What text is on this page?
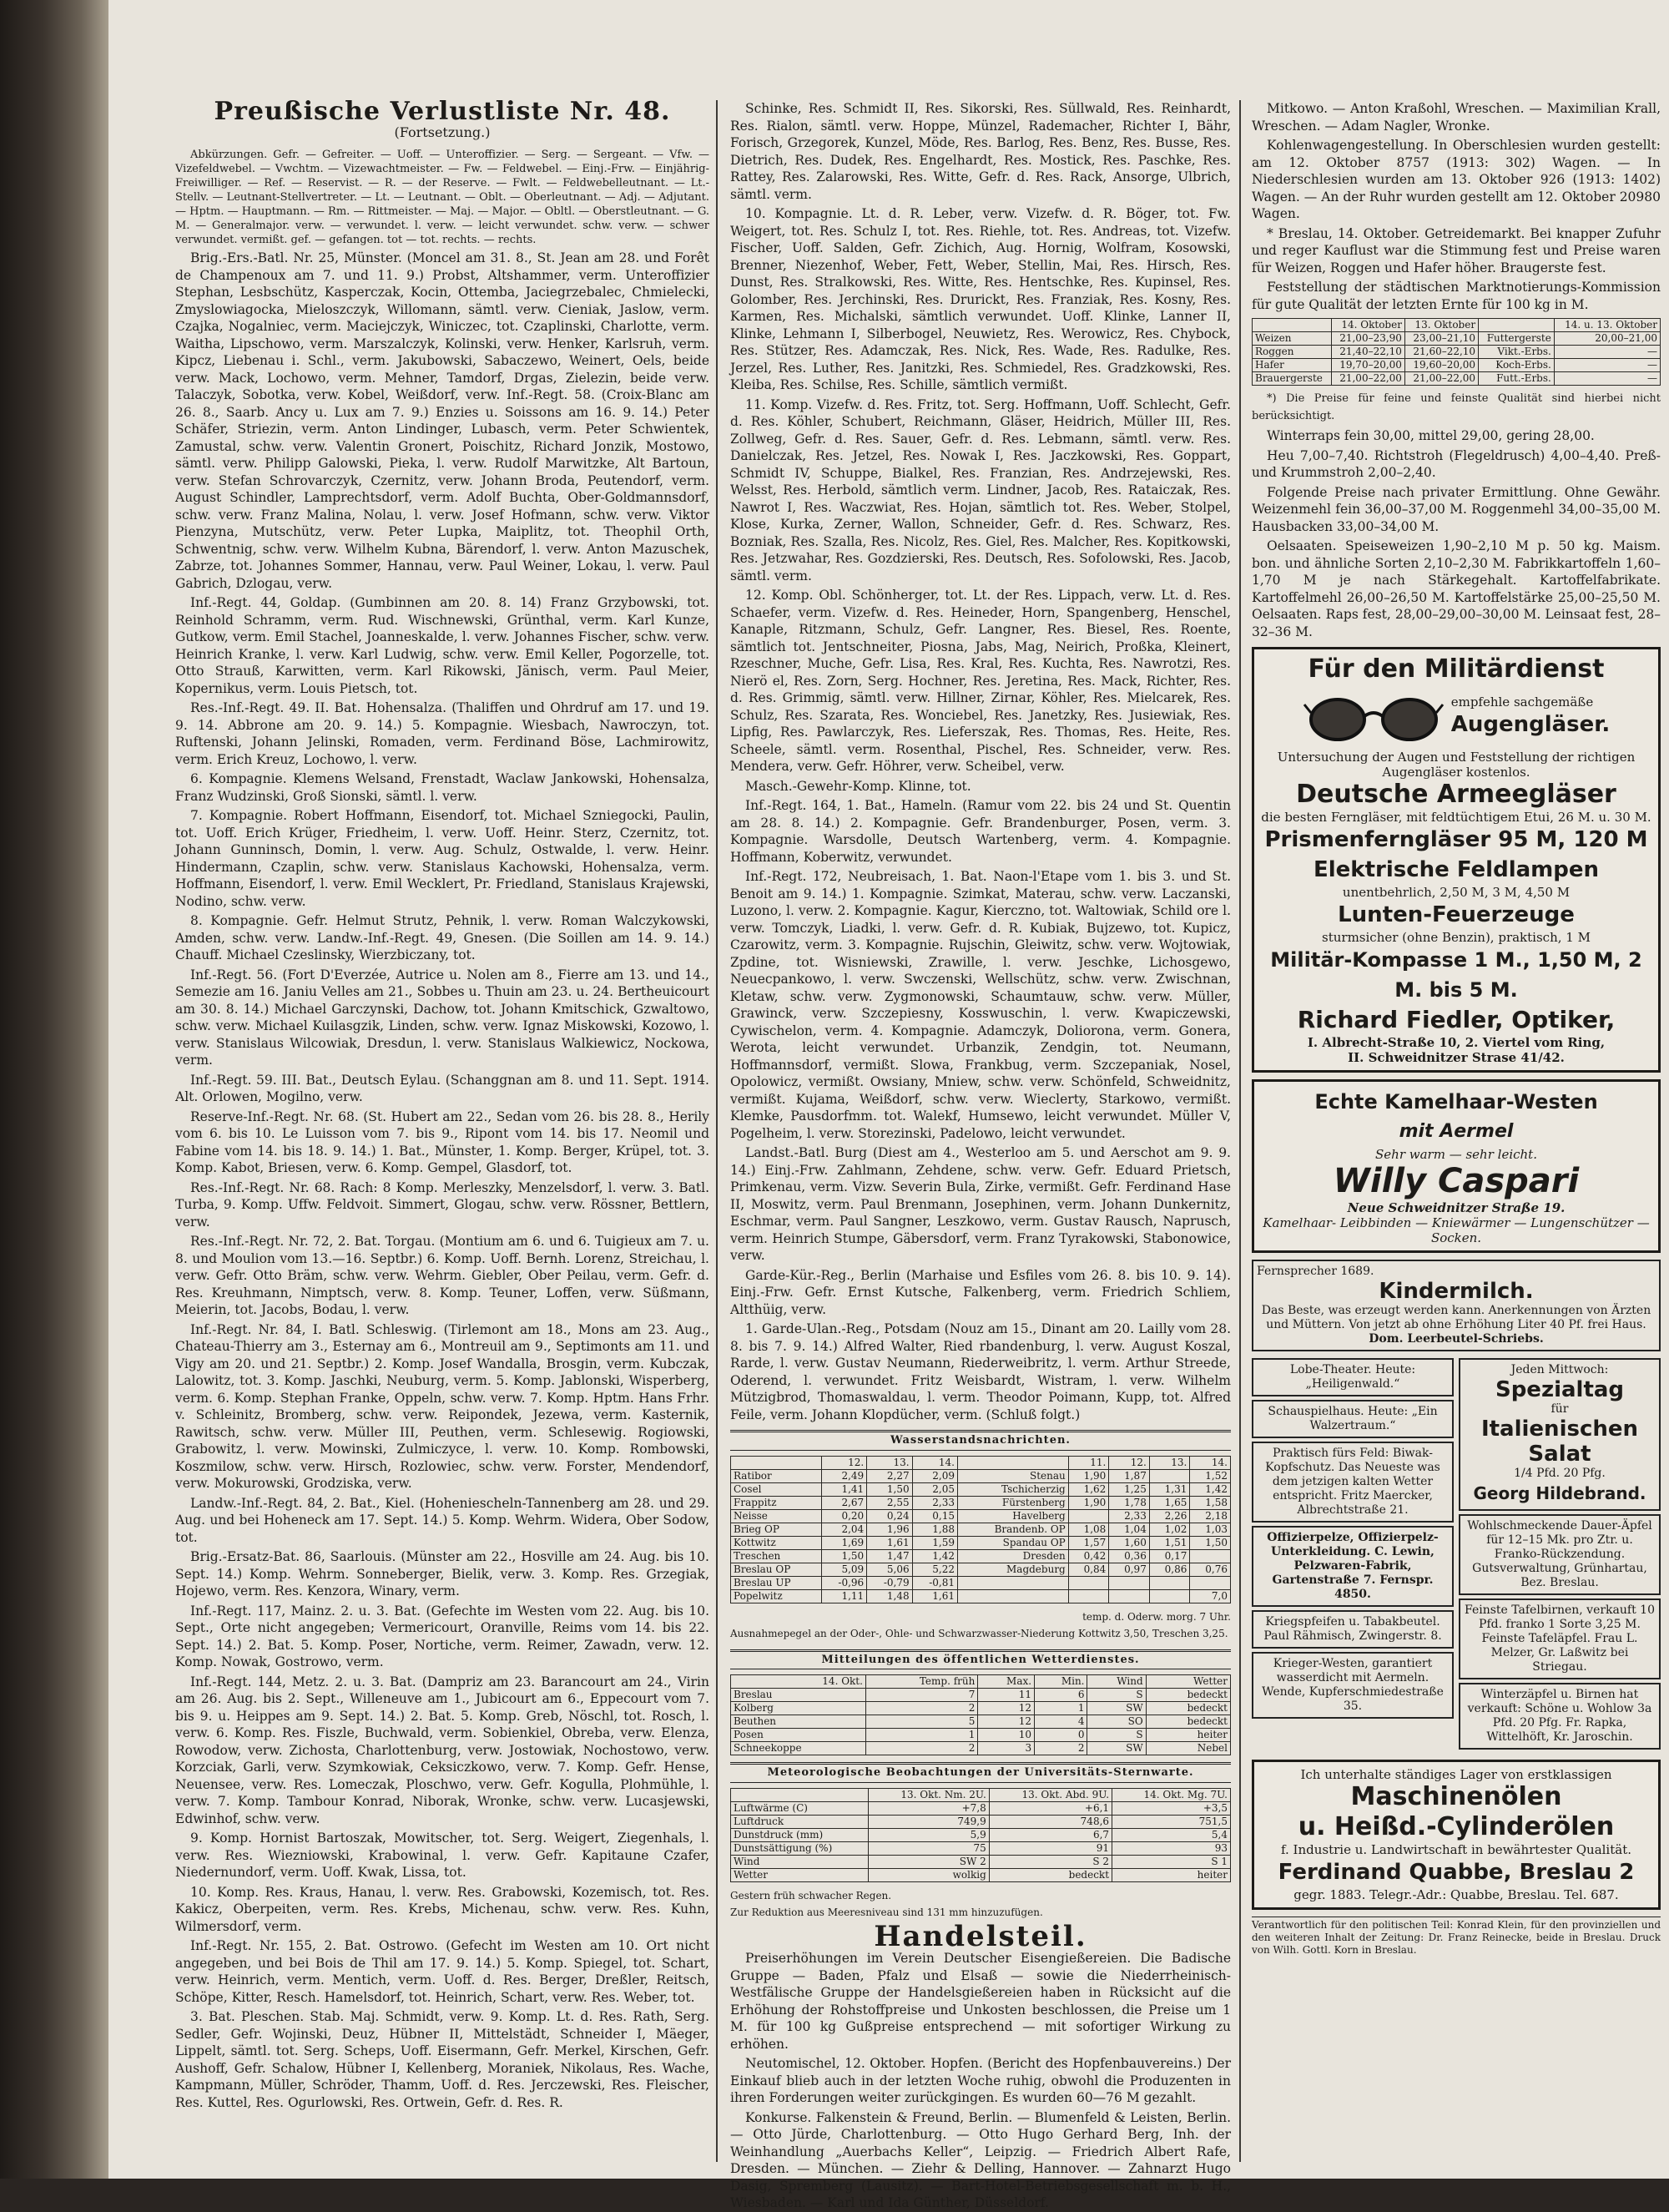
Preußische Verlustliste Nr. 48.
(Fortsetzung.)

Abkürzungen. Gefr. — Gefreiter. — Uoff. — Unteroffizier. — Serg. — Sergeant. — Vfw. — Vizefeldwebel. — Vwchtm. — Vizewachtmeister. — Fw. — Feldwebel. — Einj.-Frw. — Einjährig-Freiwilliger. — Ref. — Reservist. — R. — der Reserve. — Fwlt. — Feldwebelleutnant. — Lt.-Stellv. — Leutnant-Stellvertreter. — Lt. — Leutnant. — Oblt. — Oberleutnant. — Adj. — Adjutant. — Hptm. — Hauptmann. — Rm. — Rittmeister. — Maj. — Major. — Obltl. — Oberstleutnant. — G. M. — Generalmajor. verw. — verwundet. l. verw. — leicht verwundet. schw. verw. — schwer verwundet. vermißt. gef. — gefangen. tot — tot. rechts. — rechts.

Brig.-Ers.-Batl. Nr. 25, Münster. (Moncel am 31. 8., St. Jean am 28. und Forêt de Champenoux am 7. und 11. 9.) Probst, Altshammer, verm. Unteroffizier Stephan, Lesbschütz, Kasperczak, Kocin, Ottemba, Jaciegrzebalec, Chmielecki, Zmyslowiagocka, Mieloszczyk, Willomann, sämtl. verw. Cieniak, Jaslow, verm. Czajka, Nogalniec, verm. Maciejczyk, Winiczec, tot. Czaplinski, Charlotte, verm. Waitha, Lipschowo, verm. Marszalczyk, Kolinski, verw. Henker, Karlsruh, verm. Kipcz, Liebenau i. Schl., verm. Jakubowski, Sabaczewo, Weinert, Oels, beide verw. Mack, Lochowo, verm. Mehner, Tamdorf, Drgas, Zielezin, beide verw. Talaczyk, Sobotka, verw. Kobel, Weißdorf, verw. Inf.-Regt. 58. (Croix-Blanc am 26. 8., Saarb. Ancy u. Lux am 7. 9.) Enzies u. Soissons am 16. 9. 14.) Peter Schäfer, Striezin, verm. Anton Lindinger, Lubasch, verm. Peter Schwientek, Zamustal, schw. verw. Valentin Gronert, Poischitz, Richard Jonzik, Mostowo, sämtl. verw. Philipp Galowski, Pieka, l. verw. Rudolf Marwitzke, Alt Bartoun, verw. Stefan Schrovarczyk, Czernitz, verw. Johann Broda, Peutendorf, verm. August Schindler, Lamprechtsdorf, verm. Adolf Buchta, Ober-Goldmannsdorf, schw. verw. Franz Malina, Nolau, l. verw. Josef Hofmann, schw. verw. Viktor Pienzyna, Mutschütz, verw. Peter Lupka, Maiplitz, tot. Theophil Orth, Schwentnig, schw. verw. Wilhelm Kubna, Bärendorf, l. verw. Anton Mazuschek, Zabrze, tot. Johannes Sommer, Hannau, verw. Paul Weiner, Lokau, l. verw. Paul Gabrich, Dzlogau, verw.

Inf.-Regt. 44, Goldap. (Gumbinnen am 20. 8. 14) Franz Grzybowski, tot. Reinhold Schramm, verm. Rud. Wischnewski, Grünthal, verm. Karl Kunze, Gutkow, verm. Emil Stachel, Joanneskalde, l. verw. Johannes Fischer, schw. verw. Heinrich Kranke, l. verw. Karl Ludwig, schw. verw. Emil Keller, Pogorzelle, tot. Otto Strauß, Karwitten, verm. Karl Rikowski, Jänisch, verm. Paul Meier, Kopernikus, verm. Louis Pietsch, tot.

Res.-Inf.-Regt. 49. II. Bat. Hohensalza. (Thaliffen und Ohrdruf am 17. und 19. 9. 14. Abbrone am 20. 9. 14.) 5. Kompagnie. Wiesbach, Nawroczyn, tot. Ruftenski, Johann Jelinski, Romaden, verm. Ferdinand Böse, Lachmirowitz, verm. Erich Kreuz, Lochowo, l. verw.

6. Kompagnie. Klemens Welsand, Frenstadt, Waclaw Jankowski, Hohensalza, Franz Wudzinski, Groß Sionski, sämtl. l. verw.

7. Kompagnie. Robert Hoffmann, Eisendorf, tot. Michael Szniegocki, Paulin, tot. Uoff. Erich Krüger, Friedheim, l. verw. Uoff. Heinr. Sterz, Czernitz, tot. Johann Gunninsch, Domin, l. verw. Aug. Schulz, Ostwalde, l. verw. Heinr. Hindermann, Czaplin, schw. verw. Stanislaus Kachowski, Hohensalza, verm. Hoffmann, Eisendorf, l. verw. Emil Wecklert, Pr. Friedland, Stanislaus Krajewski, Nodino, schw. verw.

8. Kompagnie. Gefr. Helmut Strutz, Pehnik, l. verw. Roman Walczykowski, Amden, schw. verw. Landw.-Inf.-Regt. 49, Gnesen. (Die Soillen am 14. 9. 14.) Chauff. Michael Czeslinsky, Wierzbiczany, tot.

Inf.-Regt. 56. (Fort D'Everzée, Autrice u. Nolen am 8., Fierre am 13. und 14., Semezie am 16. Janiu Velles am 21., Sobbes u. Thuin am 23. u. 24. Bertheuicourt am 30. 8. 14.) Michael Garczynski, Dachow, tot. Johann Kmitschick, Gzwaltowo, schw. verw. Michael Kuilasgzik, Linden, schw. verw. Ignaz Miskowski, Kozowo, l. verw. Stanislaus Wilcowiak, Dresdun, l. verw. Stanislaus Walkiewicz, Nockowa, verm.

Inf.-Regt. 59. III. Bat., Deutsch Eylau. (Schanggnan am 8. und 11. Sept. 1914. Alt. Orlowen, Mogilno, verw.

Reserve-Inf.-Regt. Nr. 68. (St. Hubert am 22., Sedan vom 26. bis 28. 8., Herily vom 6. bis 10. Le Luisson vom 7. bis 9., Ripont vom 14. bis 17. Neomil und Fabine vom 14. bis 18. 9. 14.) 1. Bat., Münster, 1. Komp. Berger, Krüpel, tot. 3. Komp. Kabot, Briesen, verw. 6. Komp. Gempel, Glasdorf, tot.

Res.-Inf.-Regt. Nr. 68. Rach: 8 Komp. Merleszky, Menzelsdorf, l. verw. 3. Batl. Turba, 9. Komp. Uffw. Feldvoit. Simmert, Glogau, schw. verw. Rössner, Bettlern, verw.

Res.-Inf.-Regt. Nr. 72, 2. Bat. Torgau. (Montium am 6. und 6. Tuigieux am 7. u. 8. und Moulion vom 13.—16. Septbr.) 6. Komp. Uoff. Bernh. Lorenz, Streichau, l. verw. Gefr. Otto Bräm, schw. verw. Wehrm. Giebler, Ober Peilau, verm. Gefr. d. Res. Kreuhmann, Nimptsch, verw. 8. Komp. Teuner, Loffen, verw. Süßmann, Meierin, tot. Jacobs, Bodau, l. verw.

Inf.-Regt. Nr. 84, I. Batl. Schleswig. (Tirlemont am 18., Mons am 23. Aug., Chateau-Thierry am 3., Esternay am 6., Montreuil am 9., Septimonts am 11. und Vigy am 20. und 21. Septbr.) 2. Komp. Josef Wandalla, Brosgin, verm. Kubczak, Lalowitz, tot. 3. Komp. Jaschki, Neuburg, verm. 5. Komp. Jablonski, Wisperberg, verm. 6. Komp. Stephan Franke, Oppeln, schw. verw. 7. Komp. Hptm. Hans Frhr. v. Schleinitz, Bromberg, schw. verw. Reipondek, Jezewa, verm. Kasternik, Rawitsch, schw. verw. Müller III, Peuthen, verm. Schlesewig. Rogiowski, Grabowitz, l. verw. Mowinski, Zulmiczyce, l. verw. 10. Komp. Rombowski, Koszmilow, schw. verw. Hirsch, Rozlowiec, schw. verw. Forster, Mendendorf, verw. Mokurowski, Grodziska, verw.

Landw.-Inf.-Regt. 84, 2. Bat., Kiel. (Hoheniescheln-Tannenberg am 28. und 29. Aug. und bei Hoheneck am 17. Sept. 14.) 5. Komp. Wehrm. Widera, Ober Sodow, tot.

Brig.-Ersatz-Bat. 86, Saarlouis. (Münster am 22., Hosville am 24. Aug. bis 10. Sept. 14.) Komp. Wehrm. Sonneberger, Bielik, verw. 3. Komp. Res. Grzegiak, Hojewo, verm. Res. Kenzora, Winary, verm.

Inf.-Regt. 117, Mainz. 2. u. 3. Bat. (Gefechte im Westen vom 22. Aug. bis 10. Sept., Orte nicht angegeben; Vermericourt, Oranville, Reims vom 14. bis 22. Sept. 14.) 2. Bat. 5. Komp. Poser, Nortiche, verm. Reimer, Zawadn, verw. 12. Komp. Nowak, Gostrowo, verm.

Inf.-Regt. 144, Metz. 2. u. 3. Bat. (Dampriz am 23. Barancourt am 24., Virin am 26. Aug. bis 2. Sept., Willeneuve am 1., Jubicourt am 6., Eppecourt vom 7. bis 9. u. Heippes am 9. Sept. 14.) 2. Bat. 5. Komp. Greb, Nöschl, tot. Rosch, l. verw. 6. Komp. Res. Fiszle, Buchwald, verm. Sobienkiel, Obreba, verw. Elenza, Rowodow, verw. Zichosta, Charlottenburg, verw. Jostowiak, Nochostowo, verw. Korzciak, Garli, verw. Szymkowiak, Ceksiczkowo, verw. 7. Komp. Gefr. Hense, Neuensee, verw. Res. Lomeczak, Ploschwo, verw. Gefr. Kogulla, Plohmühle, l. verw. 7. Komp. Tambour Konrad, Niborak, Wronke, schw. verw. Lucasjewski, Edwinhof, schw. verw.

9. Komp. Hornist Bartoszak, Mowitscher, tot. Serg. Weigert, Ziegenhals, l. verw. Res. Wiezniowski, Krabowinal, l. verw. Gefr. Kapitaune Czafer, Niedernundorf, verm. Uoff. Kwak, Lissa, tot.

10. Komp. Res. Kraus, Hanau, l. verw. Res. Grabowski, Kozemisch, tot. Res. Kakicz, Oberpeiten, verm. Res. Krebs, Michenau, schw. verw. Res. Kuhn, Wilmersdorf, verm.

Inf.-Regt. Nr. 155, 2. Bat. Ostrowo. (Gefecht im Westen am 10. Ort nicht angegeben, und bei Bois de Thil am 17. 9. 14.) 5. Komp. Spiegel, tot. Schart, verw. Heinrich, verm. Mentich, verm. Uoff. d. Res. Berger, Dreßler, Reitsch, Schöpe, Kitter, Resch. Hamelsdorf, tot. Heinrich, Schart, verw. Res. Weber, tot.

3. Bat. Pleschen. Stab. Maj. Schmidt, verw. 9. Komp. Lt. d. Res. Rath, Serg. Sedler, Gefr. Wojinski, Deuz, Hübner II, Mittelstädt, Schneider I, Mäeger, Lippelt, sämtl. tot. Serg. Scheps, Uoff. Eisermann, Gefr. Merkel, Kirschen, Gefr. Aushoff, Gefr. Schalow, Hübner I, Kellenberg, Moraniek, Nikolaus, Res. Wache, Kampmann, Müller, Schröder, Thamm, Uoff. d. Res. Jerczewski, Res. Fleischer, Res. Kuttel, Res. Ogurlowski, Res. Ortwein, Gefr. d. Res. R.

Schinke, Res. Schmidt II, Res. Sikorski, Res. Süllwald, Res. Reinhardt, Res. Rialon, sämtl. verw. Hoppe, Münzel, Rademacher, Richter I, Bähr, Forisch, Grzegorek, Kunzel, Möde, Res. Barlog, Res. Benz, Res. Busse, Res. Dietrich, Res. Dudek, Res. Engelhardt, Res. Mostick, Res. Paschke, Res. Rattey, Res. Zalarowski, Res. Witte, Gefr. d. Res. Rack, Ansorge, Ulbrich, sämtl. verm.

10. Kompagnie. Lt. d. R. Leber, verw. Vizefw. d. R. Böger, tot. Fw. Weigert, tot. Res. Schulz I, tot. Res. Riehle, tot. Res. Andreas, tot. Vizefw. Fischer, Uoff. Salden, Gefr. Zichich, Aug. Hornig, Wolfram, Kosowski, Brenner, Niezenhof, Weber, Fett, Weber, Stellin, Mai, Res. Hirsch, Res. Dunst, Res. Stralkowski, Res. Witte, Res. Hentschke, Res. Kupinsel, Res. Golomber, Res. Jerchinski, Res. Drurickt, Res. Franziak, Res. Kosny, Res. Karmen, Res. Michalski, sämtlich verwundet. Uoff. Klinke, Lanner II, Klinke, Lehmann I, Silberbogel, Neuwietz, Res. Werowicz, Res. Chybock, Res. Stützer, Res. Adamczak, Res. Nick, Res. Wade, Res. Radulke, Res. Jerzel, Res. Luther, Res. Janitzki, Res. Schmiedel, Res. Gradzkowski, Res. Kleiba, Res. Schilse, Res. Schille, sämtlich vermißt.

11. Komp. Vizefw. d. Res. Fritz, tot. Serg. Hoffmann, Uoff. Schlecht, Gefr. d. Res. Köhler, Schubert, Reichmann, Gläser, Heidrich, Müller III, Res. Zollweg, Gefr. d. Res. Sauer, Gefr. d. Res. Lebmann, sämtl. verw. Res. Danielczak, Res. Jetzel, Res. Nowak I, Res. Jaczkowski, Res. Goppart, Schmidt IV, Schuppe, Bialkel, Res. Franzian, Res. Andrzejewski, Res. Welsst, Res. Herbold, sämtlich verm. Lindner, Jacob, Res. Rataiczak, Res. Nawrot I, Res. Waczwiat, Res. Hojan, sämtlich tot. Res. Weber, Stolpel, Klose, Kurka, Zerner, Wallon, Schneider, Gefr. d. Res. Schwarz, Res. Bozniak, Res. Szalla, Res. Nicolz, Res. Giel, Res. Malcher, Res. Kopitkowski, Res. Jetzwahar, Res. Gozdzierski, Res. Deutsch, Res. Sofolowski, Res. Jacob, sämtl. verm.

12. Komp. Obl. Schönherger, tot. Lt. der Res. Lippach, verw. Lt. d. Res. Schaefer, verm. Vizefw. d. Res. Heineder, Horn, Spangenberg, Henschel, Kanaple, Ritzmann, Schulz, Gefr. Langner, Res. Biesel, Res. Roente, sämtlich tot. Jentschneiter, Piosna, Jabs, Mag, Neirich, Proßka, Kleinert, Rzeschner, Muche, Gefr. Lisa, Res. Kral, Res. Kuchta, Res. Nawrotzi, Res. Nierö el, Res. Zorn, Serg. Hochner, Res. Jeretina, Res. Mack, Richter, Res. d. Res. Grimmig, sämtl. verw. Hillner, Zirnar, Köhler, Res. Mielcarek, Res. Schulz, Res. Szarata, Res. Wonciebel, Res. Janetzky, Res. Jusiewiak, Res. Lipfig, Res. Pawlarczyk, Res. Lieferszak, Res. Thomas, Res. Heite, Res. Scheele, sämtl. verm. Rosenthal, Pischel, Res. Schneider, verw. Res. Mendera, verw. Gefr. Höhrer, verw. Scheibel, verw.

Masch.-Gewehr-Komp. Klinne, tot.

Inf.-Regt. 164, 1. Bat., Hameln. (Ramur vom 22. bis 24 und St. Quentin am 28. 8. 14.) 2. Kompagnie. Gefr. Brandenburger, Posen, verm. 3. Kompagnie. Warsdolle, Deutsch Wartenberg, verm. 4. Kompagnie. Hoffmann, Koberwitz, verwundet.

Inf.-Regt. 172, Neubreisach, 1. Bat. Naon-l'Etape vom 1. bis 3. und St. Benoit am 9. 14.) 1. Kompagnie. Szimkat, Materau, schw. verw. Laczanski, Luzono, l. verw. 2. Kompagnie. Kagur, Kierczno, tot. Waltowiak, Schild ore l. verw. Tomczyk, Liadki, l. verw. Gefr. d. R. Kubiak, Bujzewo, tot. Kupicz, Czarowitz, verm. 3. Kompagnie. Rujschin, Gleiwitz, schw. verw. Wojtowiak, Zpdine, tot. Wisniewski, Zrawille, l. verw. Jeschke, Lichosgewo, Neuecpankowo, l. verw. Swczenski, Wellschütz, schw. verw. Zwischnan, Kletaw, schw. verw. Zygmonowski, Schaumtauw, schw. verw. Müller, Grawinck, verw. Szczepiesny, Kosswuschin, l. verw. Kwapiczewski, Cywischelon, verm. 4. Kompagnie. Adamczyk, Doliorona, verm. Gonera, Werota, leicht verwundet. Urbanzik, Zendgin, tot. Neumann, Hoffmannsdorf, vermißt. Slowa, Frankbug, verm. Szczepaniak, Nosel, Opolowicz, vermißt. Owsiany, Mniew, schw. verw. Schönfeld, Schweidnitz, vermißt. Kujama, Weißdorf, schw. verw. Wieclerty, Starkowo, vermißt. Klemke, Pausdorfmm. tot. Walekf, Humsewo, leicht verwundet. Müller V, Pogelheim, l. verw. Storezinski, Padelowo, leicht verwundet.

Landst.-Batl. Burg (Diest am 4., Westerloo am 5. und Aerschot am 9. 9. 14.) Einj.-Frw. Zahlmann, Zehdene, schw. verw. Gefr. Eduard Prietsch, Primkenau, verm. Vizw. Severin Bula, Zirke, vermißt. Gefr. Ferdinand Hase II, Moswitz, verm. Paul Brenmann, Josephinen, verm. Johann Dunkernitz, Eschmar, verm. Paul Sangner, Leszkowo, verm. Gustav Rausch, Naprusch, verm. Heinrich Stumpe, Gäbersdorf, verm. Franz Tyrakowski, Stabonowice, verw.

Garde-Kür.-Reg., Berlin (Marhaise und Esfiles vom 26. 8. bis 10. 9. 14). Einj.-Frw. Gefr. Ernst Kutsche, Falkenberg, verm. Friedrich Schliem, Altthüig, verw.

1. Garde-Ulan.-Reg., Potsdam (Nouz am 15., Dinant am 20. Lailly vom 28. 8. bis 7. 9. 14.) Alfred Walter, Ried rbandenburg, l. verw. August Koszal, Rarde, l. verw. Gustav Neumann, Riederweibritz, l. verm. Arthur Streede, Oderend, l. verwundet. Fritz Weisbardt, Wistram, l. verw. Wilhelm Mützigbrod, Thomaswaldau, l. verm. Theodor Poimann, Kupp, tot. Alfred Feile, verm. Johann Klopdücher, verm. (Schluß folgt.)

Wasserstandsnachrichten.
	12.	13.	14.		11.	12.	13.	14.
Ratibor	2,49	2,27	2,09	Stenau	1,90	1,87		1,52
Cosel	1,41	1,50	2,05	Tschicherzig	1,62	1,25	1,31	1,42
Frappitz	2,67	2,55	2,33	Fürstenberg	1,90	1,78	1,65	1,58
Neisse	0,20	0,24	0,15	Havelberg		2,33	2,26	2,18
Brieg OP	2,04	1,96	1,88	Brandenb. OP	1,08	1,04	1,02	1,03
Kottwitz	1,69	1,61	1,59	Spandau OP	1,57	1,60	1,51	1,50
Treschen	1,50	1,47	1,42	Dresden	0,42	0,36	0,17	
Breslau OP	5,09	5,06	5,22	Magdeburg	0,84	0,97	0,86	0,76
Breslau UP	-0,96	-0,79	-0,81					
Popelwitz	1,11	1,48	1,61					7,0
temp. d. Oderw. morg. 7 Uhr.
Ausnahmepegel an der Oder-, Ohle- und Schwarzwasser-Niederung Kottwitz 3,50, Treschen 3,25.
Mitteilungen des öffentlichen Wetterdienstes.
14. Okt.	Temp. früh	Max.	Min.	Wind	Wetter
Breslau	7	11	6	S	bedeckt
Kolberg	2	12	1	SW	bedeckt
Beuthen	5	12	4	SO	bedeckt
Posen	1	10	0	S	heiter
Schneekoppe	2	3	2	SW	Nebel
Meteorologische Beobachtungen der Universitäts-Sternwarte.
	13. Okt. Nm. 2U.	13. Okt. Abd. 9U.	14. Okt. Mg. 7U.
Luftwärme (C)	+7,8	+6,1	+3,5
Luftdruck	749,9	748,6	751,5
Dunstdruck (mm)	5,9	6,7	5,4
Dunstsättigung (%)	75	91	93
Wind	SW 2	S 2	S 1
Wetter	wolkig	bedeckt	heiter
Gestern früh schwacher Regen.
Zur Reduktion aus Meeresniveau sind 131 mm hinzuzufügen.
Handelsteil.

Preiserhöhungen im Verein Deutscher Eisengießereien. Die Badische Gruppe — Baden, Pfalz und Elsaß — sowie die Niederrheinisch-Westfälische Gruppe der Handelsgießereien haben in Rücksicht auf die Erhöhung der Rohstoffpreise und Unkosten beschlossen, die Preise um 1 M. für 100 kg Gußpreise entsprechend — mit sofortiger Wirkung zu erhöhen.

Neutomischel, 12. Oktober. Hopfen. (Bericht des Hopfenbauvereins.) Der Einkauf blieb auch in der letzten Woche ruhig, obwohl die Produzenten in ihren Forderungen weiter zurückgingen. Es wurden 60—76 M gezahlt.

Konkurse. Falkenstein & Freund, Berlin. — Blumenfeld & Leisten, Berlin. — Otto Jürde, Charlottenburg. — Otto Hugo Gerhard Berg, Inh. der Weinhandlung „Auerbachs Keller“, Leipzig. — Friedrich Albert Rafe, Dresden. — München. — Ziehr & Delling, Hannover. — Zahnarzt Hugo Dasig, Spremberg (Lausitz). — Bart-Hotel-Betriebsgesellschaft m. b. H., Wiesbaden. — Karl und Ida Günther, Düsseldorf.

Mitkowo. — Anton Kraßohl, Wreschen. — Maximilian Krall, Wreschen. — Adam Nagler, Wronke.

Kohlenwagengestellung. In Oberschlesien wurden gestellt: am 12. Oktober 8757 (1913: 302) Wagen. — In Niederschlesien wurden am 13. Oktober 926 (1913: 1402) Wagen. — An der Ruhr wurden gestellt am 12. Oktober 20980 Wagen.

* Breslau, 14. Oktober. Getreidemarkt. Bei knapper Zufuhr und reger Kauflust war die Stimmung fest und Preise waren für Weizen, Roggen und Hafer höher. Braugerste fest.

Feststellung der städtischen Marktnotierungs-Kommission für gute Qualität der letzten Ernte für 100 kg in M.

	14. Oktober	13. Oktober		14. u. 13. Oktober
Weizen	21,00–23,90	23,00–21,10	Futtergerste	20,00–21,00
Roggen	21,40–22,10	21,60–22,10	Vikt.-Erbs.	—
Hafer	19,70–20,00	19,60–20,00	Koch-Erbs.	—
Brauergerste	21,00–22,00	21,00–22,00	Futt.-Erbs.	—

*) Die Preise für feine und feinste Qualität sind hierbei nicht berücksichtigt.

Winterraps fein 30,00, mittel 29,00, gering 28,00.

Heu 7,00–7,40. Richtstroh (Flegeldrusch) 4,00–4,40. Preß- und Krummstroh 2,00–2,40.

Folgende Preise nach privater Ermittlung. Ohne Gewähr. Weizenmehl fein 36,00–37,00 M. Roggenmehl 34,00–35,00 M. Hausbacken 33,00–34,00 M.

Oelsaaten. Speiseweizen 1,90–2,10 M p. 50 kg. Maism. bon. und ähnliche Sorten 2,10–2,30 M. Fabrikkartoffeln 1,60–1,70 M je nach Stärkegehalt. Kartoffelfabrikate. Kartoffelmehl 26,00–26,50 M. Kartoffelstärke 25,00–25,50 M. Oelsaaten. Raps fest, 28,00–29,00–30,00 M. Leinsaat fest, 28–32–36 M.

Für den Militärdienst
empfehle sachgemäße
Augengläser.
Untersuchung der Augen und Feststellung der richtigen Augengläser kostenlos.
Deutsche Armeegläser
die besten Ferngläser, mit feldtüchtigem Etui, 26 M. u. 30 M.
Prismenferngläser 95 M, 120 M
Elektrische Feldlampen
unentbehrlich, 2,50 M, 3 M, 4,50 M
Lunten-Feuerzeuge
sturmsicher (ohne Benzin), praktisch, 1 M
Militär-Kompasse 1 M., 1,50 M, 2 M. bis 5 M.
Richard Fiedler, Optiker,
I. Albrecht-Straße 10, 2. Viertel vom Ring,
II. Schweidnitzer Strase 41/42.
Echte Kamelhaar-Westen
mit Aermel
Sehr warm — sehr leicht.
Willy Caspari
Neue Schweidnitzer Straße 19.
Kamelhaar- Leibbinden — Kniewärmer — Lungenschützer — Socken.
Fernsprecher 1689.
Kindermilch.
Das Beste, was erzeugt werden kann. Anerkennungen von Ärzten und Müttern. Von jetzt ab ohne Erhöhung Liter 40 Pf. frei Haus.
Dom. Leerbeutel-Schriebs.
Lobe-Theater. Heute: „Heiligenwald.“
Schauspielhaus. Heute: „Ein Walzertraum.“
Praktisch fürs Feld: Biwak-Kopfschutz. Das Neueste was dem jetzigen kalten Wetter entspricht. Fritz Maercker, Albrechtstraße 21.
Offizierpelze, Offizierpelz-Unterkleidung. C. Lewin, Pelzwaren-Fabrik, Gartenstraße 7. Fernspr. 4850.
Kriegspfeifen u. Tabakbeutel. Paul Rähmisch, Zwingerstr. 8.
Krieger-Westen, garantiert wasserdicht mit Aermeln. Wende, Kupferschmiedestraße 35.
Jeden Mittwoch:
Spezialtag
für
Italienischen Salat
1/4 Pfd. 20 Pfg.
Georg Hildebrand.
Wohlschmeckende Dauer-Äpfel für 12–15 Mk. pro Ztr. u. Franko-Rückzendung. Gutsverwaltung, Grünhartau, Bez. Breslau.
Feinste Tafelbirnen, verkauft 10 Pfd. franko 1 Sorte 3,25 M. Feinste Tafeläpfel. Frau L. Melzer, Gr. Laßwitz bei Striegau.
Winterzäpfel u. Birnen hat verkauft: Schöne u. Wohlow 3a Pfd. 20 Pfg. Fr. Rapka, Wittelhöft, Kr. Jaroschin.
Ich unterhalte ständiges Lager von erstklassigen
Maschinenölen
u. Heißd.-Cylinderölen
f. Industrie u. Landwirtschaft in bewährtester Qualität.
Ferdinand Quabbe, Breslau 2
gegr. 1883. Telegr.-Adr.: Quabbe, Breslau. Tel. 687.
Verantwortlich für den politischen Teil: Konrad Klein, für den provinziellen und den weiteren Inhalt der Zeitung: Dr. Franz Reinecke, beide in Breslau. Druck von Wilh. Gottl. Korn in Breslau.
